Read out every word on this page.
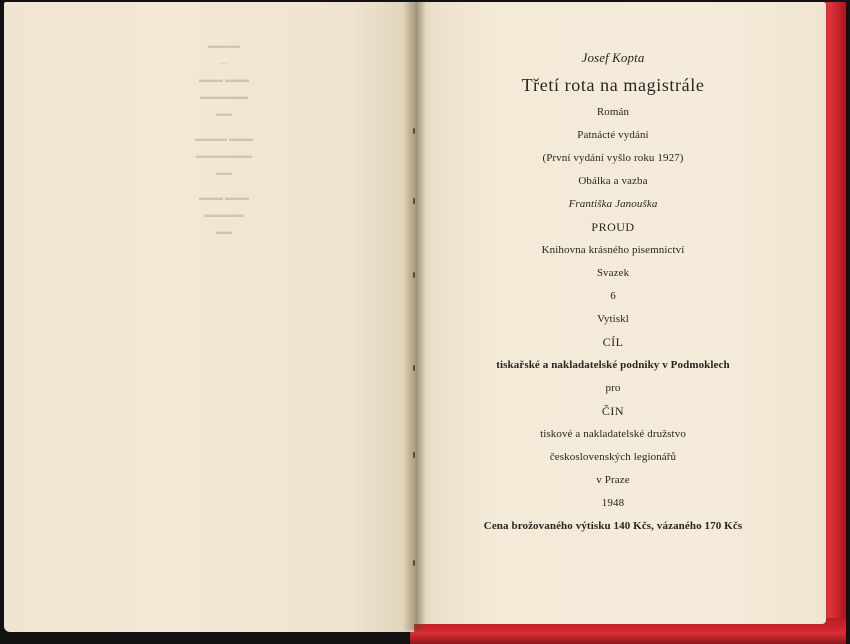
▬▬▬▬
—
▬▬▬ ▬▬▬
▬▬▬▬▬▬
▬▬
▬▬▬ ▬▬▬▬
▬▬▬▬▬▬▬
▬▬
▬▬▬ ▬▬▬
▬▬▬▬▬
▬▬
Josef Kopta
Třetí rota na magistrále
Román
Patnácté vydání
(První vydání vyšlo roku 1927)
Obálka a vazba
Františka Janouška
PROUD
Knihovna krásného písemnictví
Svazek
6
Vytiskl
CÍL
tiskařské a nakladatelské podniky v Podmoklech
pro
ČIN
tiskové a nakladatelské družstvo
československých legionářů
v Praze
1948
Cena brožovaného výtisku 140 Kčs, vázaného 170 Kčs
